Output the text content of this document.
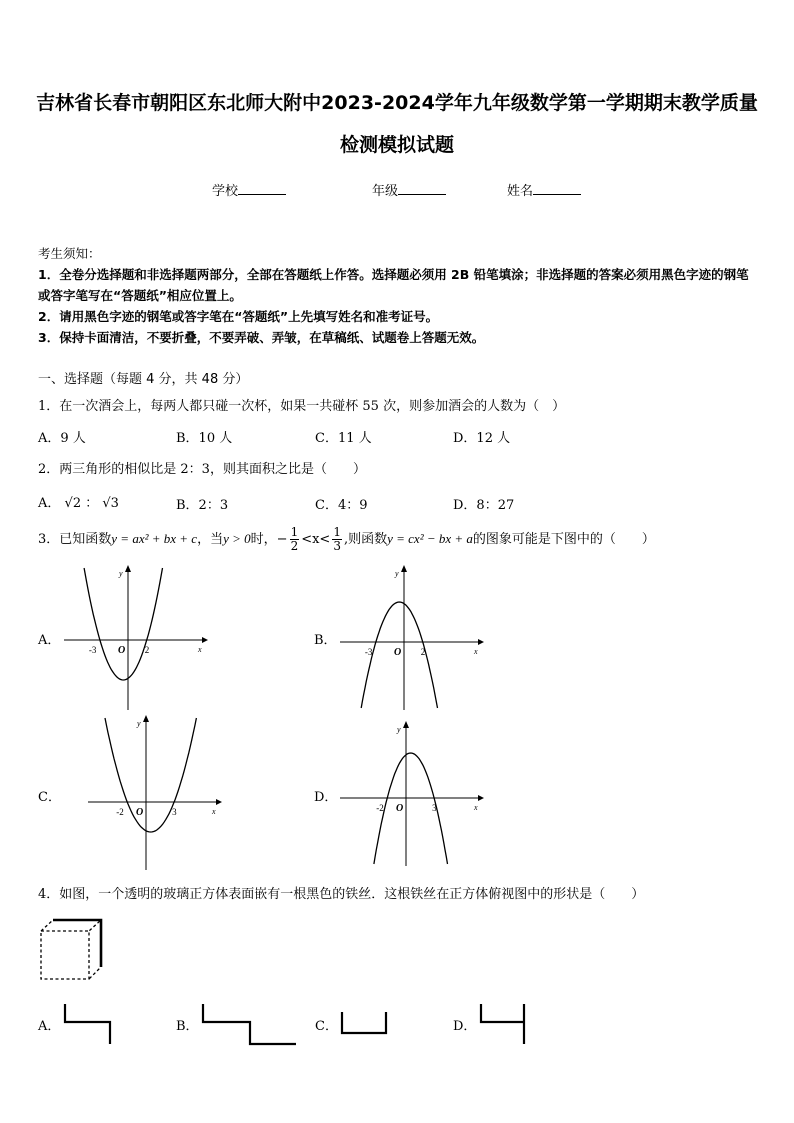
吉林省长春市朝阳区东北师大附中2023-2024学年九年级数学第一学期期末教学质量
检测模拟试题
学校	年级	姓名
考生须知：
1．全卷分选择题和非选择题两部分，全部在答题纸上作答。选择题必须用 2B 铅笔填涂；非选择题的答案必须用黑色字迹的钢笔或答字笔写在“答题纸”相应位置上。
2．请用黑色字迹的钢笔或答字笔在“答题纸”上先填写姓名和准考证号。
3．保持卡面清洁，不要折叠，不要弄破、弄皱，在草稿纸、试题卷上答题无效。
一、选择题（每题 4 分，共 48 分）
1．在一次酒会上，每两人都只碰一次杯，如果一共碰杯 55 次，则参加酒会的人数为（　）
A．9 人	B．10 人	C．11 人	D．12 人
2．两三角形的相似比是 2：3，则其面积之比是（　　）
A． √2 ： √3	B．2：3	C．4：9	D．8：27
3．已知函数y = ax² + bx + c，当y > 0时，− $\frac{1}{2} <x< \frac{1}{3}$ ,则函数y = cx² − bx + a的图象可能是下图中的（　　）
A．	B．
C．	D．
x
y
O
-3	2	x
y
O
-3	2
x
y
O
-2	3	x
y
O
-2	3
4．如图，一个透明的玻璃正方体表面嵌有一根黑色的铁丝．这根铁丝在正方体俯视图中的形状是（　　）
A．	B．	C．	D．
